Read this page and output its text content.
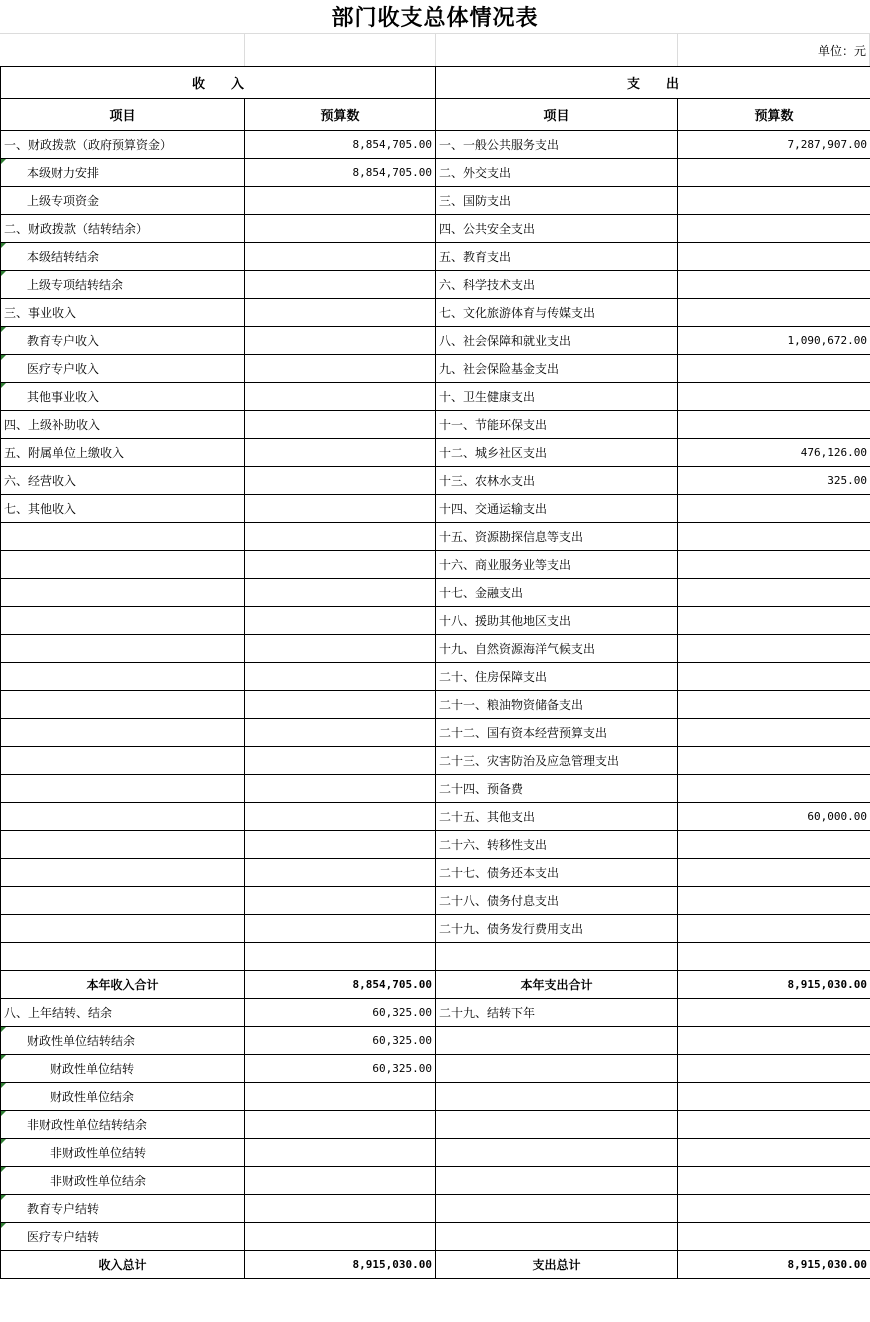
部门收支总体情况表
单位：元
收　　入		支　　出	
项目	预算数	项目	预算数
一、财政拨款（政府预算资金）	8,854,705.00	一、一般公共服务支出	7,287,907.00
本级财力安排	8,854,705.00	二、外交支出	
上级专项资金		三、国防支出	
二、财政拨款（结转结余）		四、公共安全支出	
本级结转结余		五、教育支出	
上级专项结转结余		六、科学技术支出	
三、事业收入		七、文化旅游体育与传媒支出	
教育专户收入		八、社会保障和就业支出	1,090,672.00
医疗专户收入		九、社会保险基金支出	
其他事业收入		十、卫生健康支出	
四、上级补助收入		十一、节能环保支出	
五、附属单位上缴收入		十二、城乡社区支出	476,126.00
六、经营收入		十三、农林水支出	325.00
七、其他收入		十四、交通运输支出	
		十五、资源勘探信息等支出	
		十六、商业服务业等支出	
		十七、金融支出	
		十八、援助其他地区支出	
		十九、自然资源海洋气候支出	
		二十、住房保障支出	
		二十一、粮油物资储备支出	
		二十二、国有资本经营预算支出	
		二十三、灾害防治及应急管理支出	
		二十四、预备费	
		二十五、其他支出	60,000.00
		二十六、转移性支出	
		二十七、债务还本支出	
		二十八、债务付息支出	
		二十九、债务发行费用支出	

本年收入合计	8,854,705.00	本年支出合计	8,915,030.00
八、上年结转、结余	60,325.00	二十九、结转下年	
财政性单位结转结余	60,325.00		
财政性单位结转	60,325.00		
财政性单位结余			
非财政性单位结转结余			
非财政性单位结转			
非财政性单位结余			
教育专户结转			
医疗专户结转			
收入总计	8,915,030.00	支出总计	8,915,030.00
